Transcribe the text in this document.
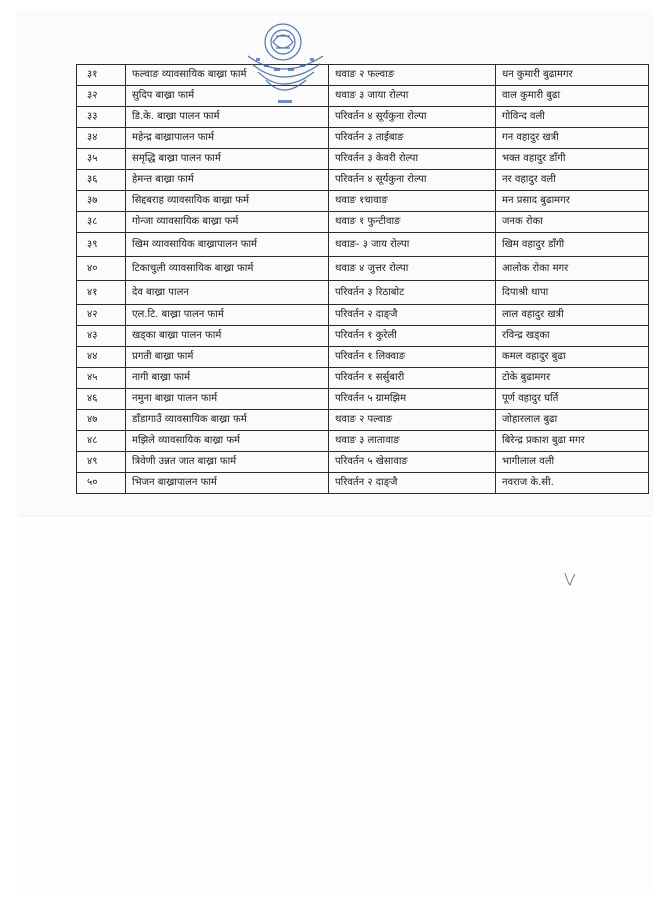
३१	फल्वाङ व्यावसायिक बाख्रा फार्म	थवाङ २ फल्वाङ	धन कुमारी बुढामगर
३२	सुदिप बाख्रा फार्म	थवाङ ३ जाया रोल्पा	वाल कुमारी बुढा
३३	डि.के. बाख्रा पालन फार्म	परिवर्तन ४ सूर्यकुना रोल्पा	गोविन्द वली
३४	महेन्द्र बाख्रापालन फार्म	परिवर्तन ३ ताईबाङ	गन वहादुर खत्री
३५	समृद्धि बाख्रा पालन फार्म	परिवर्तन ३ केवरी रोल्पा	भक्त वहादुर डाँगी
३६	हेमन्त बाख्रा फार्म	परिवर्तन ४ सूर्यकुना रोल्पा	नर वहादुर वली
३७	सिद्दबराह व्यावसायिक बाख्रा फर्म	थवाङ १चावाङ	मन प्रसाद बुढामगर
३८	गोन्जा व्यावसायिक बाख्रा फर्म	थवाङ १ फुन्टीवाङ	जनक रोका
३९	खिम व्यावसायिक बाख्रापालन फार्म	थवाङ- ३ जाय रोल्पा	खिम वहादुर डाँगी
४०	टिकाचुली व्यावसायिक बाख्रा फार्म	थवाङ ४ जुत्तर रोल्पा	आलोक रोका मगर
४१	देव बाख्रा पालन	परिवर्तन ३ रिठाबोट	दिपाश्री थापा
४२	एल.टि. बाख्रा पालन फार्म	परिवर्तन २ दाङ्जै	लाल वहादुर खत्री
४३	खड्का बाख्रा पालन फार्म	परिवर्तन १ कुरेली	रविन्द्र खड्का
४४	प्रगती बाख्रा फार्म	परिवर्तन १ लिक्वाङ	कमल वहादुर बुढा
४५	नागी बाख्रा फार्म	परिवर्तन १ सर्सुबारी	टोके बुढामगर
४६	नमुना बाख्रा पालन फार्म	परिवर्तन ५ ग्रामझिम	पूर्ण वहादुर घर्ति
४७	डाँडागाउँ व्यावसायिक बाख्रा फर्म	थवाङ २ पल्वाङ	जोहारलाल बुढा
४८	मझिले व्यावसायिक बाख्रा फर्म	थवाङ ३ लातावाङ	बिरेन्द्र प्रकाश बुढा मगर
४९	त्रिवेणी उन्नत जात बाख्रा फार्म	परिवर्तन ५ खेसावाङ	भागीलाल वली
५०	भिजन बाख्रापालन फार्म	परिवर्तन २ दाङ्जै	नवराज के.सी.
